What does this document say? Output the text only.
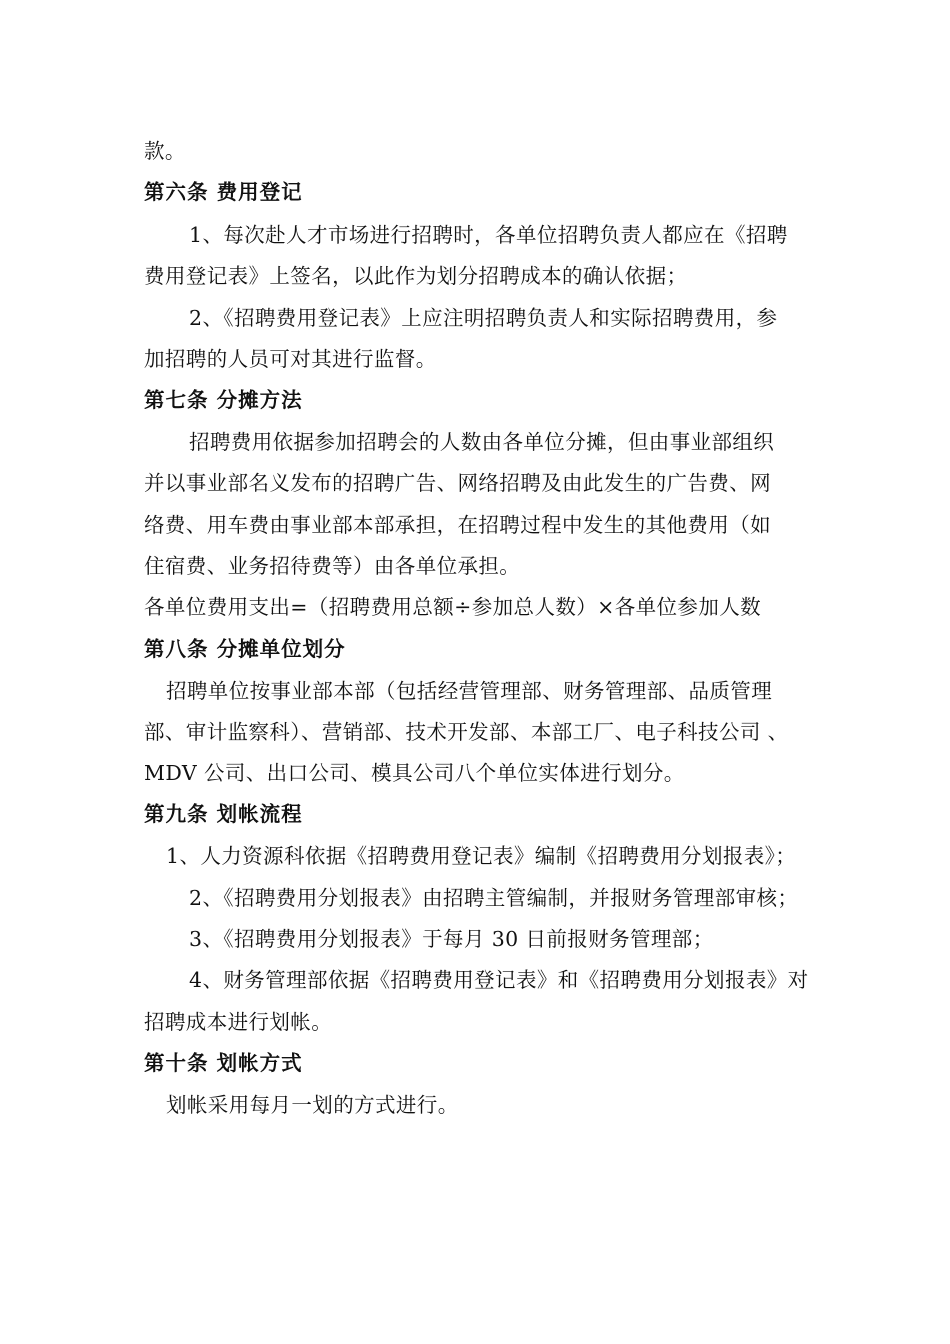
款。
第六条 费用登记
1、每次赴人才市场进行招聘时，各单位招聘负责人都应在《招聘
费用登记表》上签名，以此作为划分招聘成本的确认依据；
2、《招聘费用登记表》上应注明招聘负责人和实际招聘费用，参
加招聘的人员可对其进行监督。
第七条 分摊方法
招聘费用依据参加招聘会的人数由各单位分摊，但由事业部组织
并以事业部名义发布的招聘广告、网络招聘及由此发生的广告费、网
络费、用车费由事业部本部承担，在招聘过程中发生的其他费用（如
住宿费、业务招待费等）由各单位承担。
各单位费用支出=（招聘费用总额÷参加总人数）×各单位参加人数
第八条 分摊单位划分
招聘单位按事业部本部（包括经营管理部、财务管理部、品质管理
部、审计监察科）、营销部、技术开发部、本部工厂、电子科技公司 、
MDV 公司、出口公司、模具公司八个单位实体进行划分。
第九条 划帐流程
1、人力资源科依据《招聘费用登记表》编制《招聘费用分划报表》；
2、《招聘费用分划报表》由招聘主管编制，并报财务管理部审核；
3、《招聘费用分划报表》于每月 30 日前报财务管理部；
4、财务管理部依据《招聘费用登记表》和《招聘费用分划报表》对
招聘成本进行划帐。
第十条 划帐方式
划帐采用每月一划的方式进行。
